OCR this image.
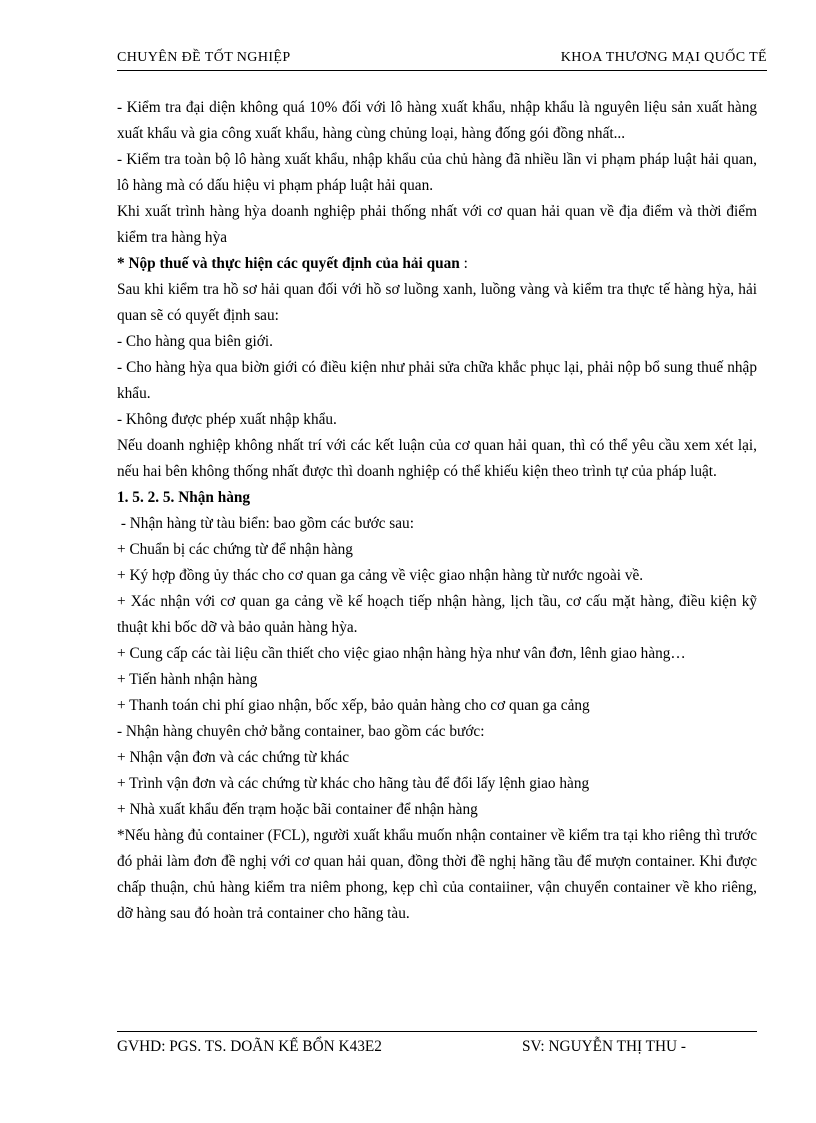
CHUYÊN ĐỀ TỐT NGHIỆP	KHOA THƯƠNG MẠI QUỐC TẾ

- Kiểm tra đại diện không quá 10% đối với lô hàng xuất khẩu, nhập khẩu là nguyên liệu sản xuất hàng xuất khẩu và gia công xuất khẩu, hàng cùng chủng loại, hàng đống gói đồng nhất...

- Kiểm tra toàn bộ lô hàng xuất khẩu, nhập khẩu của chủ hàng đã nhiều lần vi phạm pháp luật hải quan, lô hàng mà có dấu hiệu vi phạm pháp luật hải quan.

Khi xuất trình hàng hỳa doanh nghiệp phải thống nhất với cơ quan hải quan về địa điểm và thời điểm kiểm tra hàng hỳa

* Nộp thuế và thực hiện các quyết định của hải quan :

Sau khi kiểm tra hồ sơ hải quan đối với hồ sơ luồng xanh, luồng vàng và kiểm tra thực tế hàng hỳa, hải quan sẽ có quyết định sau:

- Cho hàng qua biên giới.

- Cho hàng hỳa qua biờn giới có điều kiện như phải sửa chữa khắc phục lại, phải nộp bổ sung thuế nhập khẩu.

- Không được phép xuất nhập khẩu.

Nếu doanh nghiệp không nhất trí với các kết luận của cơ quan hải quan, thì có thể yêu cầu xem xét lại, nếu hai bên không thống nhất được thì doanh nghiệp có thể khiếu kiện theo trình tự của pháp luật.

1. 5. 2. 5. Nhận hàng

- Nhận hàng từ tàu biển: bao gồm các bước sau:

+ Chuẩn bị các chứng từ để nhận hàng

+ Ký hợp đồng ủy thác cho cơ quan ga cảng về việc giao nhận hàng từ nước ngoài về.

+ Xác nhận với cơ quan ga cảng về kế hoạch tiếp nhận hàng, lịch tầu, cơ cấu mặt hàng, điều kiện kỹ thuật khi bốc dỡ và bảo quản hàng hỳa.

+ Cung cấp các tài liệu cần thiết cho việc giao nhận hàng hỳa như vân đơn, lênh giao hàng…

+ Tiến hành nhận hàng

+ Thanh toán chi phí giao nhận, bốc xếp, bảo quản hàng cho cơ quan ga cảng

- Nhận hàng chuyên chở bằng container, bao gồm các bước:

+ Nhận vận đơn và các chứng từ khác

+ Trình vận đơn và các chứng từ khác cho hãng tàu để đổi lấy lệnh giao hàng

+ Nhà xuất khẩu đến trạm hoặc bãi container để nhận hàng

*Nếu hàng đủ container (FCL), người xuất khẩu muốn nhận container về kiểm tra tại kho riêng thì trước đó phải làm đơn đề nghị với cơ quan hải quan, đồng thời đề nghị hãng tầu để mượn container. Khi được chấp thuận, chủ hàng kiểm tra niêm phong, kẹp chì của contaiiner, vận chuyển container về kho riêng, dỡ hàng sau đó hoàn trả container cho hãng tàu.

GVHD: PGS. TS. DOÃN KẾ BỔN K43E2	SV: NGUYỄN THỊ THU -
